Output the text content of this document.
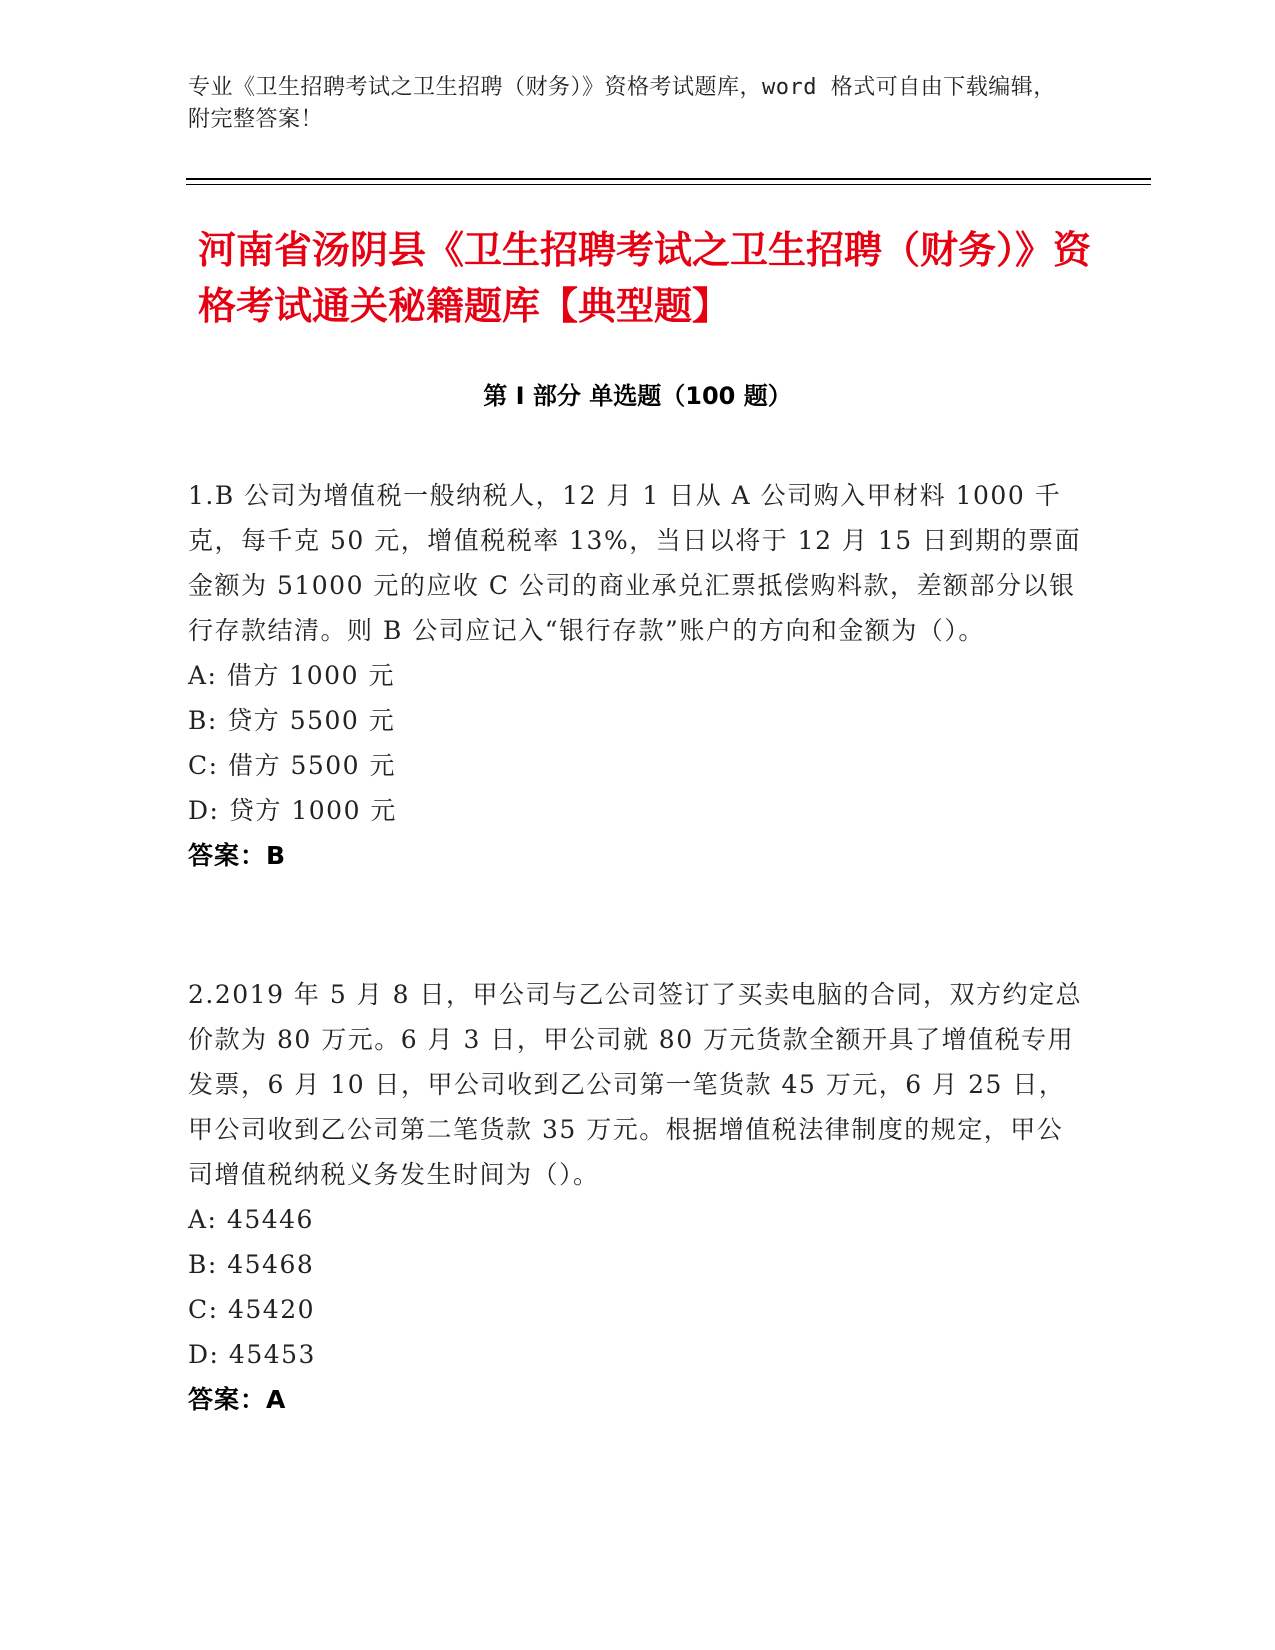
专业《卫生招聘考试之卫生招聘（财务）》资格考试题库，word 格式可自由下载编辑，附完整答案！
河南省汤阴县《卫生招聘考试之卫生招聘（财务）》资格考试通关秘籍题库【典型题】
第 I 部分 单选题（100 题）
1.B 公司为增值税一般纳税人，12 月 1 日从 A 公司购入甲材料 1000 千克，每千克 50 元，增值税税率 13%，当日以将于 12 月 15 日到期的票面金额为 51000 元的应收 C 公司的商业承兑汇票抵偿购料款，差额部分以银行存款结清。则 B 公司应记入“银行存款”账户的方向和金额为（）。
A: 借方 1000 元
B: 贷方 5500 元
C: 借方 5500 元
D: 贷方 1000 元
答案：B
2.2019 年 5 月 8 日，甲公司与乙公司签订了买卖电脑的合同，双方约定总价款为 80 万元。6 月 3 日，甲公司就 80 万元货款全额开具了增值税专用发票，6 月 10 日，甲公司收到乙公司第一笔货款 45 万元，6 月 25 日，甲公司收到乙公司第二笔货款 35 万元。根据增值税法律制度的规定，甲公司增值税纳税义务发生时间为（）。
A: 45446
B: 45468
C: 45420
D: 45453
答案：A
